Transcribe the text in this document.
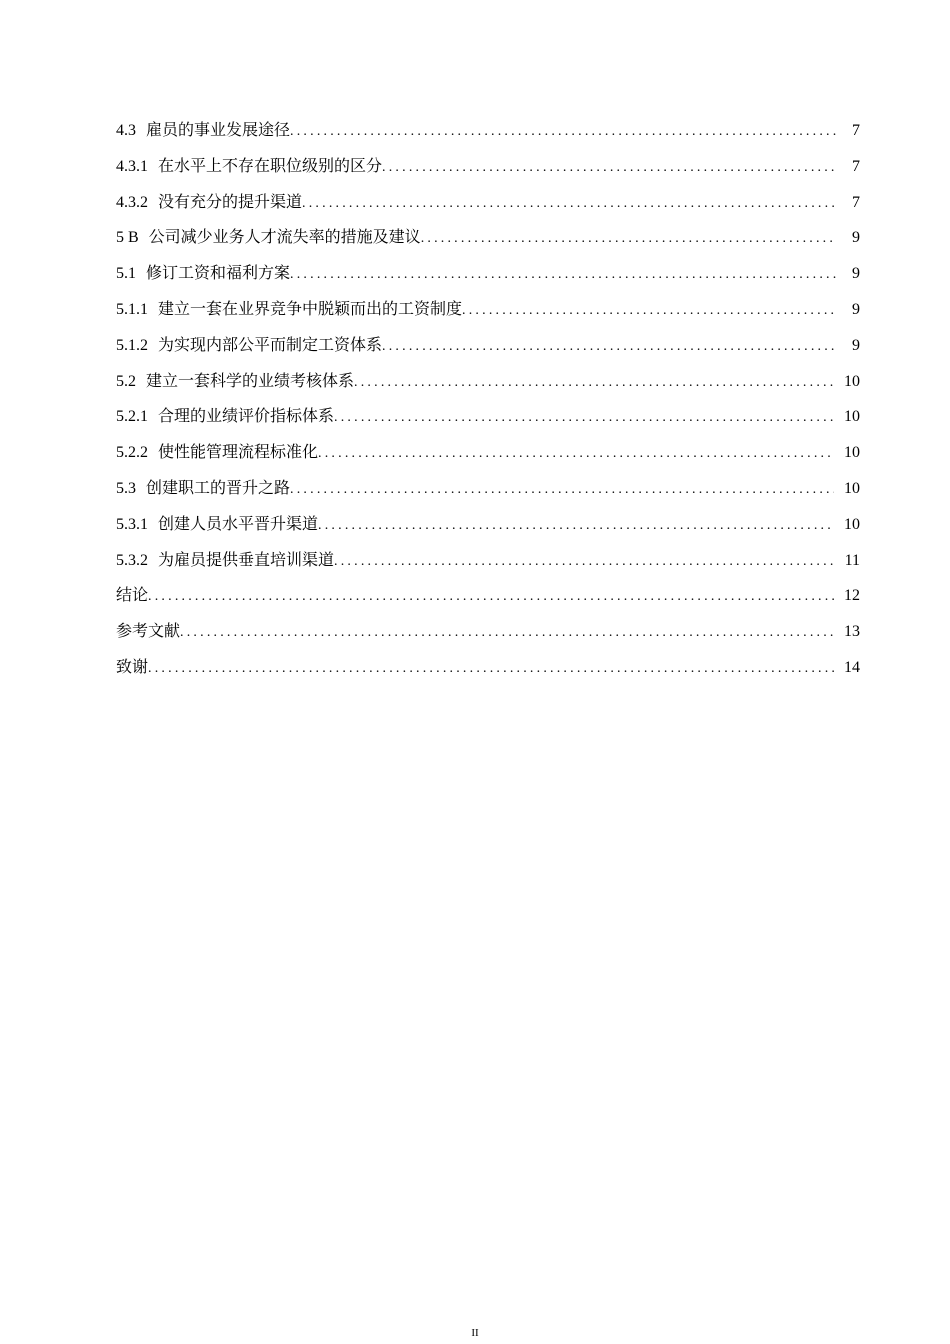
4.3 雇员的事业发展途径 .....	7
4.3.1 在水平上不存在职位级别的区分 .....	7
4.3.2 没有充分的提升渠道 .....	7
5 B 公司减少业务人才流失率的措施及建议 .....	9
5.1 修订工资和福利方案 .....	9
5.1.1 建立一套在业界竞争中脱颖而出的工资制度 .....	9
5.1.2 为实现内部公平而制定工资体系 .....	9
5.2 建立一套科学的业绩考核体系 .....	10
5.2.1 合理的业绩评价指标体系 .....	10
5.2.2 使性能管理流程标准化 .....	10
5.3 创建职工的晋升之路 .....	10
5.3.1 创建人员水平晋升渠道 .....	10
5.3.2 为雇员提供垂直培训渠道 .....	11
结论 .....	12
参考文献 .....	13
致谢 .....	14
II
